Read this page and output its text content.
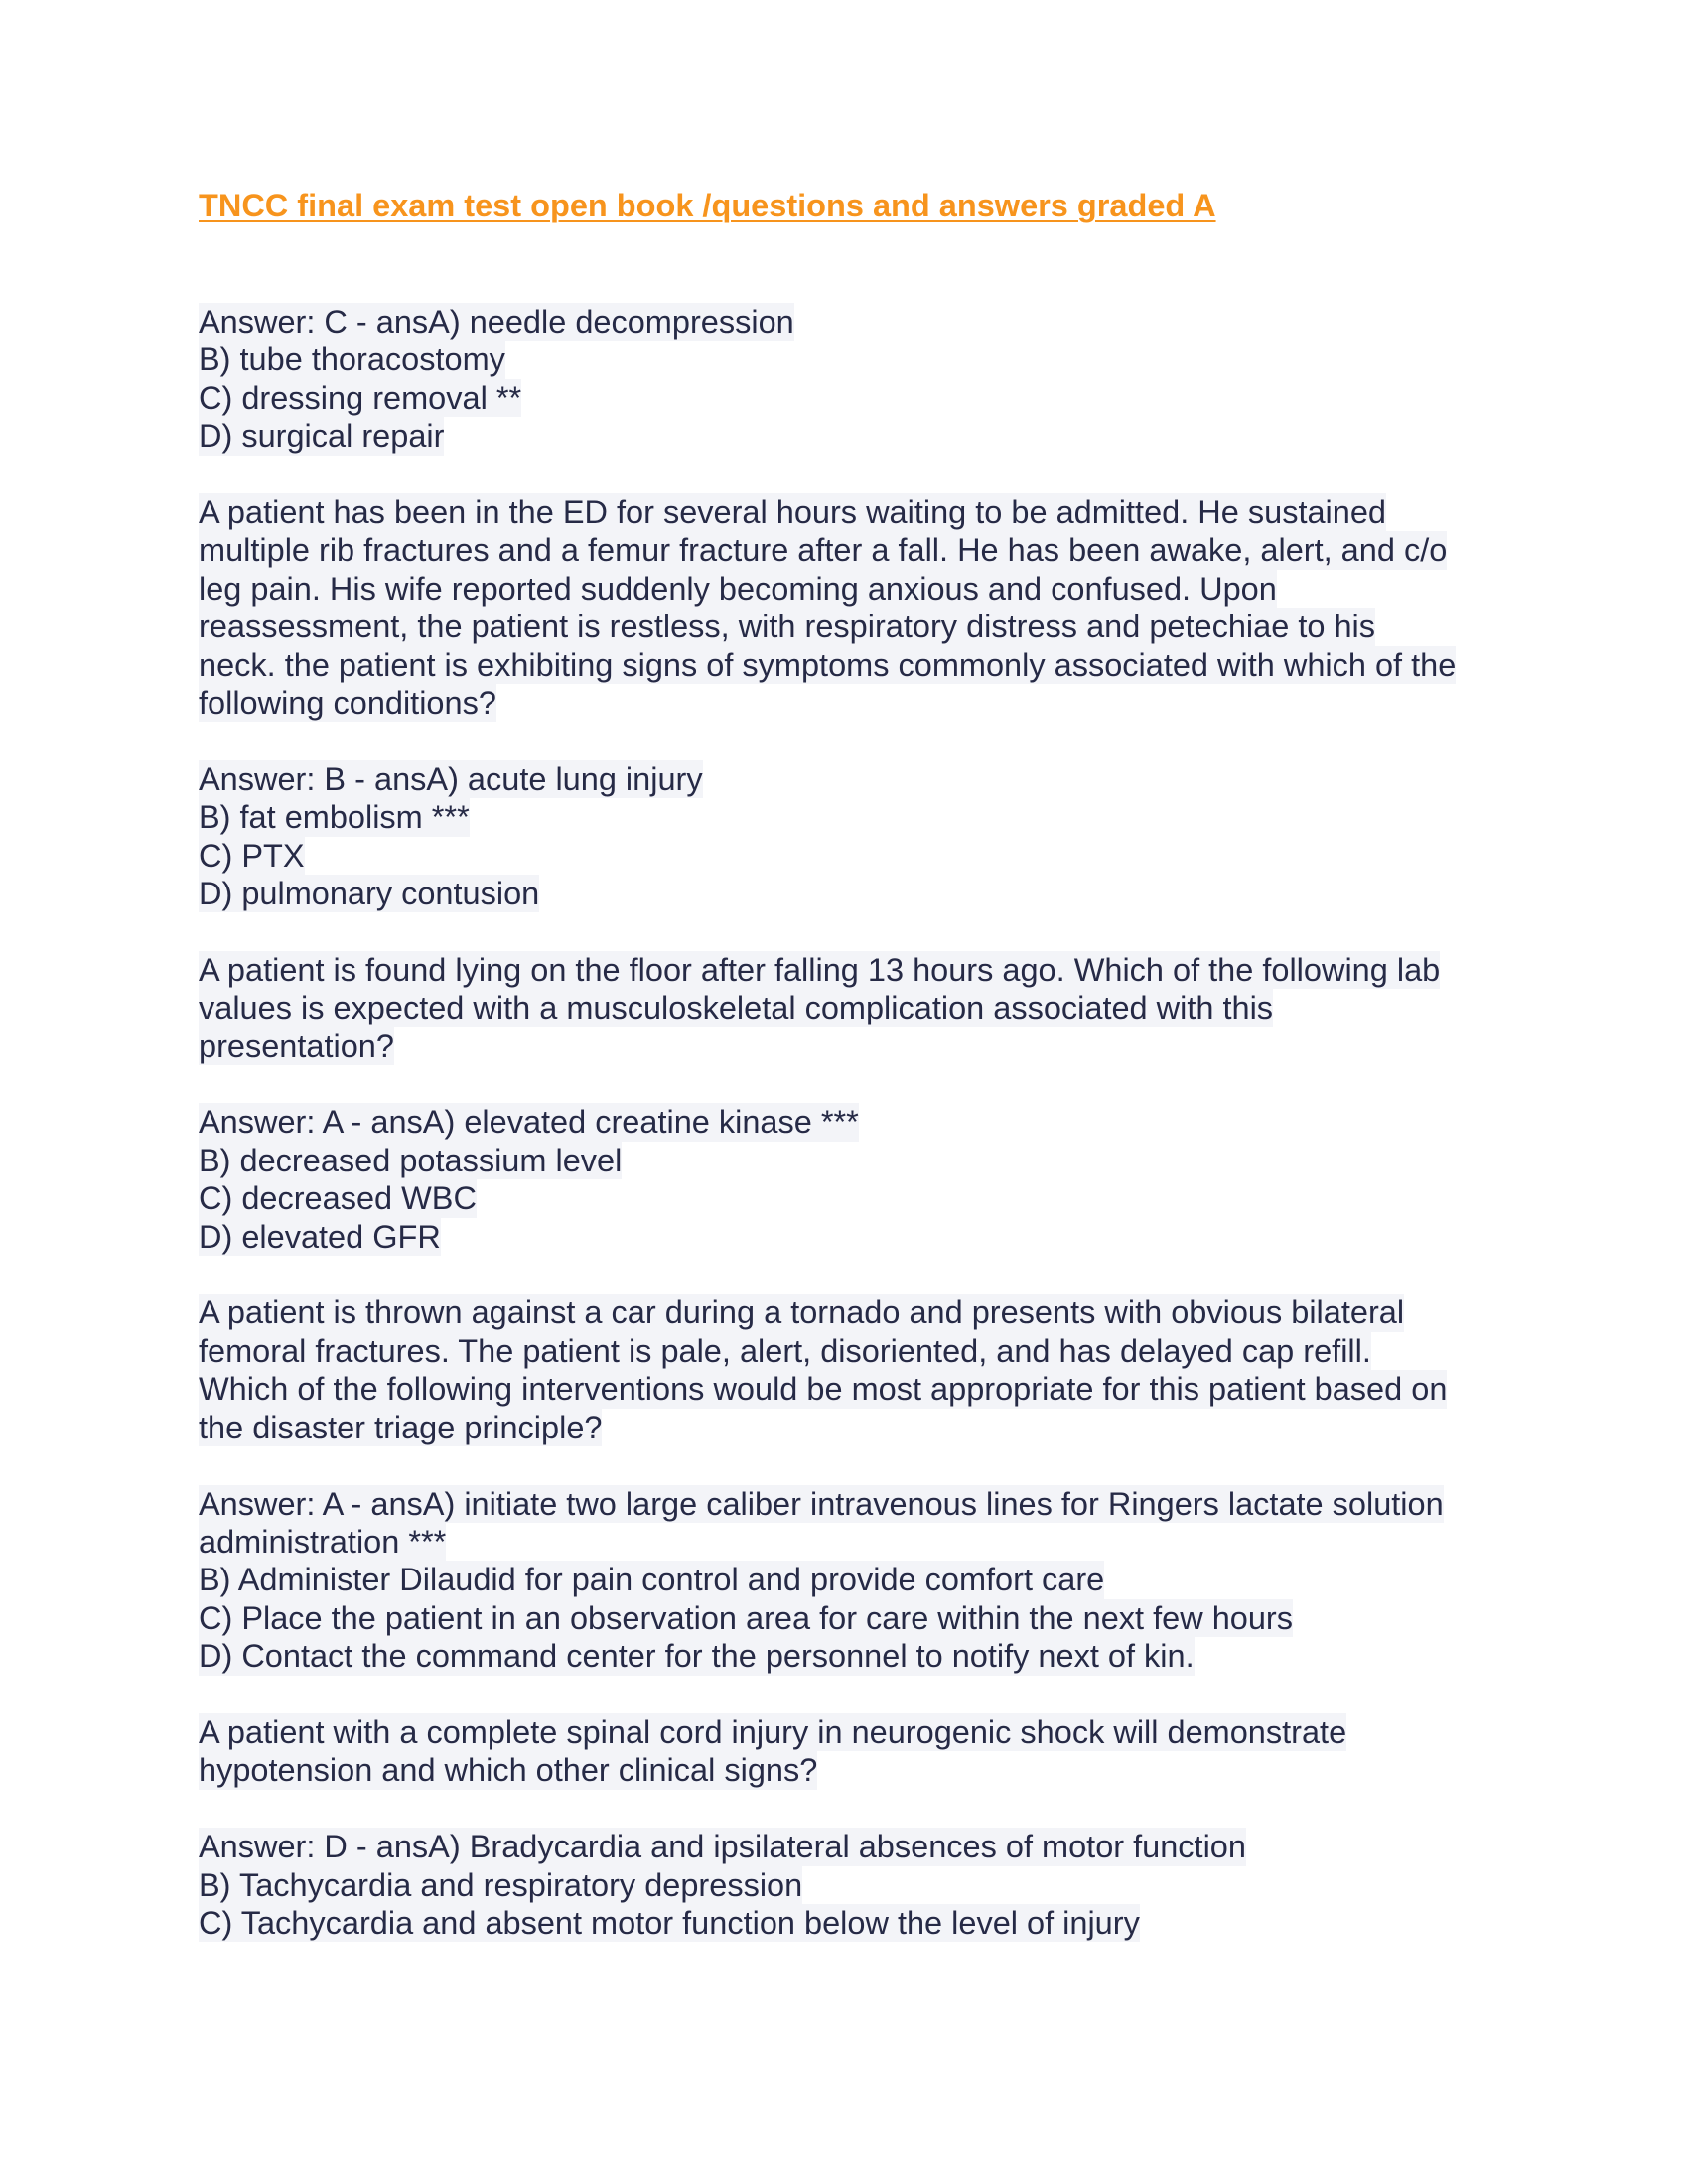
TNCC final exam test open book /questions and answers graded A
Answer: C - ansA) needle decompression
B) tube thoracostomy
C) dressing removal **
D) surgical repair
A patient has been in the ED for several hours waiting to be admitted. He sustained
multiple rib fractures and a femur fracture after a fall. He has been awake, alert, and c/o
leg pain. His wife reported suddenly becoming anxious and confused. Upon
reassessment, the patient is restless, with respiratory distress and petechiae to his
neck. the patient is exhibiting signs of symptoms commonly associated with which of the
following conditions?
Answer: B - ansA) acute lung injury
B) fat embolism ***
C) PTX
D) pulmonary contusion
A patient is found lying on the floor after falling 13 hours ago. Which of the following lab
values is expected with a musculoskeletal complication associated with this
presentation?
Answer: A - ansA) elevated creatine kinase ***
B) decreased potassium level
C) decreased WBC
D) elevated GFR
A patient is thrown against a car during a tornado and presents with obvious bilateral
femoral fractures. The patient is pale, alert, disoriented, and has delayed cap refill.
Which of the following interventions would be most appropriate for this patient based on
the disaster triage principle?
Answer: A - ansA) initiate two large caliber intravenous lines for Ringers lactate solution
administration ***
B) Administer Dilaudid for pain control and provide comfort care
C) Place the patient in an observation area for care within the next few hours
D) Contact the command center for the personnel to notify next of kin.
A patient with a complete spinal cord injury in neurogenic shock will demonstrate
hypotension and which other clinical signs?
Answer: D - ansA) Bradycardia and ipsilateral absences of motor function
B) Tachycardia and respiratory depression
C) Tachycardia and absent motor function below the level of injury
